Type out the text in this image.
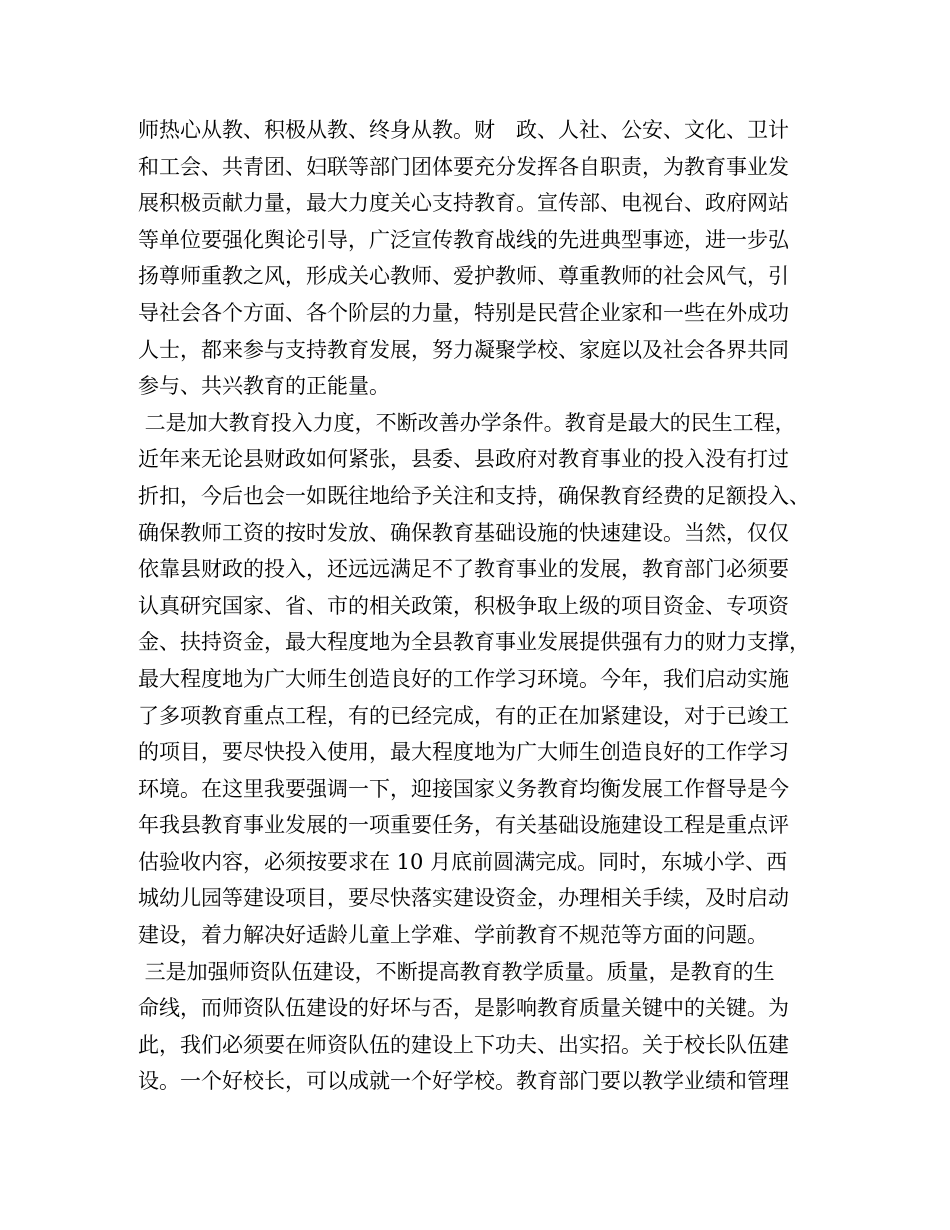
师热心从教、积极从教、终身从教。财　政、人社、公安、文化、卫计
和工会、共青团、妇联等部门团体要充分发挥各自职责，为教育事业发
展积极贡献力量，最大力度关心支持教育。宣传部、电视台、政府网站
等单位要强化舆论引导，广泛宣传教育战线的先进典型事迹，进一步弘
扬尊师重教之风，形成关心教师、爱护教师、尊重教师的社会风气，引
导社会各个方面、各个阶层的力量，特别是民营企业家和一些在外成功
人士，都来参与支持教育发展，努力凝聚学校、家庭以及社会各界共同
参与、共兴教育的正能量。
二是加大教育投入力度，不断改善办学条件。教育是最大的民生工程，
近年来无论县财政如何紧张，县委、县政府对教育事业的投入没有打过
折扣，今后也会一如既往地给予关注和支持，确保教育经费的足额投入、
确保教师工资的按时发放、确保教育基础设施的快速建设。当然，仅仅
依靠县财政的投入，还远远满足不了教育事业的发展，教育部门必须要
认真研究国家、省、市的相关政策，积极争取上级的项目资金、专项资
金、扶持资金，最大程度地为全县教育事业发展提供强有力的财力支撑，
最大程度地为广大师生创造良好的工作学习环境。今年，我们启动实施
了多项教育重点工程，有的已经完成，有的正在加紧建设，对于已竣工
的项目，要尽快投入使用，最大程度地为广大师生创造良好的工作学习
环境。在这里我要强调一下，迎接国家义务教育均衡发展工作督导是今
年我县教育事业发展的一项重要任务，有关基础设施建设工程是重点评
估验收内容，必须按要求在 10 月底前圆满完成。同时，东城小学、西
城幼儿园等建设项目，要尽快落实建设资金，办理相关手续，及时启动
建设，着力解决好适龄儿童上学难、学前教育不规范等方面的问题。
三是加强师资队伍建设，不断提高教育教学质量。质量，是教育的生
命线，而师资队伍建设的好坏与否，是影响教育质量关键中的关键。为
此，我们必须要在师资队伍的建设上下功夫、出实招。关于校长队伍建
设。一个好校长，可以成就一个好学校。教育部门要以教学业绩和管理
